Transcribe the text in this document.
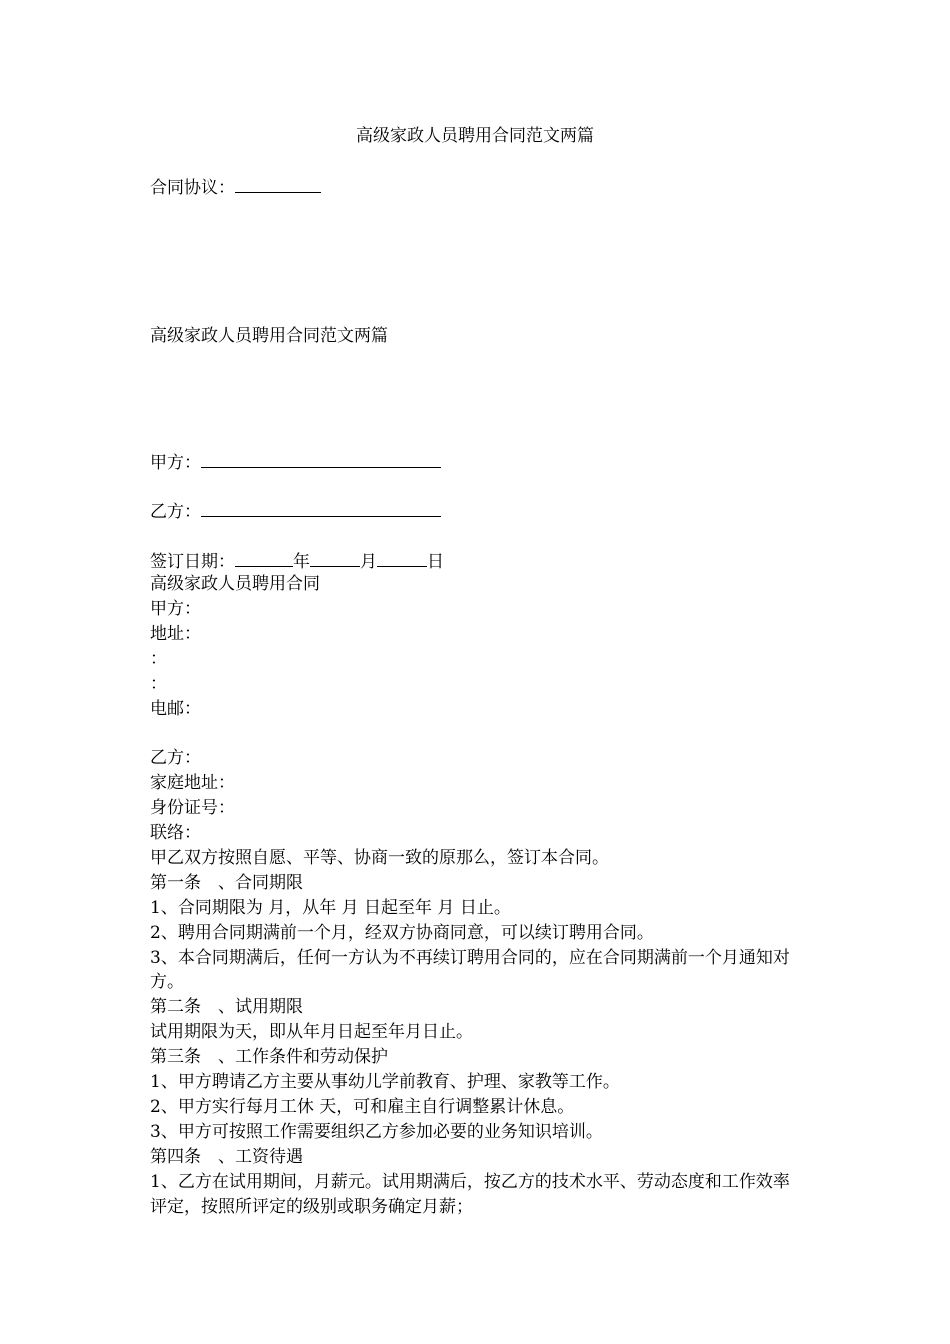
高级家政人员聘用合同范文两篇
合同协议：
高级家政人员聘用合同范文两篇
甲方：
乙方：
签订日期：	年	月	日

高级家政人员聘用合同

甲方：

地址：

：

：

电邮：

乙方：

家庭地址：

身份证号：

联络：

甲乙双方按照自愿、平等、协商一致的原那么，签订本合同。

第一条　、合同期限

1、合同期限为 月，从年 月 日起至年 月 日止。

2、聘用合同期满前一个月，经双方协商同意，可以续订聘用合同。

3、本合同期满后，任何一方认为不再续订聘用合同的，应在合同期满前一个月通知对方。

第二条　、试用期限

试用期限为天，即从年月日起至年月日止。

第三条　、工作条件和劳动保护

1、甲方聘请乙方主要从事幼儿学前教育、护理、家教等工作。

2、甲方实行每月工休 天，可和雇主自行调整累计休息。

3、甲方可按照工作需要组织乙方参加必要的业务知识培训。

第四条　、工资待遇

1、乙方在试用期间，月薪元。试用期满后，按乙方的技术水平、劳动态度和工作效率评定，按照所评定的级别或职务确定月薪；
